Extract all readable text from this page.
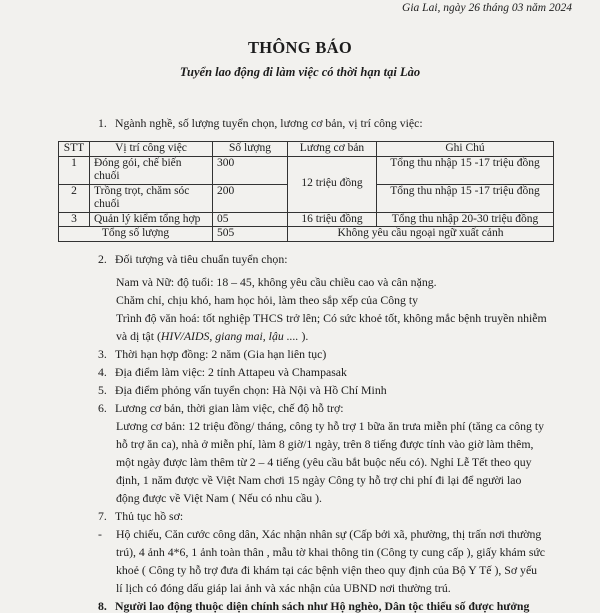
Gia Lai, ngày 26 tháng 03 năm 2024
THÔNG BÁO
Tuyển lao động đi làm việc có thời hạn tại Lào
1. Ngành nghề, số lượng tuyển chọn, lương cơ bản, vị trí công việc:
STT	Vị trí công việc	Số lượng	Lương cơ bản	Ghi Chú
1	Đóng gói, chế biến chuối	300	12 triệu đồng	Tổng thu nhập 15 -17 triệu đồng
2	Trồng trọt, chăm sóc
chuối	200		Tổng thu nhập 15 -17 triệu đồng
3	Quản lý kiểm tổng hợp	05	16 triệu đồng	Tổng thu nhập 20-30 triệu đồng
Tổng số lượng		505	Không yêu cầu ngoại ngữ xuất cảnh	
2. Đối tượng và tiêu chuẩn tuyển chọn:
Nam và Nữ: độ tuổi: 18 – 45, không yêu cầu chiều cao và cân nặng.
Chăm chỉ, chịu khó, ham học hỏi, làm theo sắp xếp của Công ty
Trình độ văn hoá: tốt nghiệp THCS trở lên; Có sức khoẻ tốt, không mắc bệnh truyền nhiễm
và dị tật (HIV/AIDS, giang mai, lậu .... ).
3. Thời hạn hợp đồng: 2 năm (Gia hạn liên tục)
4. Địa điểm làm việc: 2 tỉnh Attapeu và Champasak
5. Địa điểm phỏng vấn tuyển chọn: Hà Nội và Hồ Chí Minh
6. Lương cơ bản, thời gian làm việc, chế độ hỗ trợ:
Lương cơ bản: 12 triệu đồng/ tháng, công ty hỗ trợ 1 bữa ăn trưa miễn phí (tăng ca công ty
hỗ trợ ăn ca), nhà ở miễn phí, làm 8 giờ/1 ngày, trên 8 tiếng được tính vào giờ làm thêm,
một ngày được làm thêm từ 2 – 4 tiếng (yêu cầu bắt buộc nếu có). Nghỉ Lễ Tết theo quy
định, 1 năm được về Việt Nam chơi 15 ngày Công ty hỗ trợ chi phí đi lại để người lao
động được về Việt Nam ( Nếu có nhu cầu ).
7. Thủ tục hồ sơ:
- Hộ chiếu, Căn cước công dân, Xác nhận nhân sự (Cấp bởi xã, phường, thị trấn nơi thường
trú), 4 ảnh 4*6, 1 ảnh toàn thân , mẫu tờ khai thông tin (Công ty cung cấp ), giấy khám sức
khoẻ ( Công ty hỗ trợ đưa đi khám tại các bệnh viện theo quy định của Bộ Y Tế ), Sơ yếu
lí lịch có đóng dấu giáp lai ảnh và xác nhận của UBND nơi thường trú.
8. Người lao động thuộc diện chính sách như Hộ nghèo, Dân tộc thiểu số được hưởng
